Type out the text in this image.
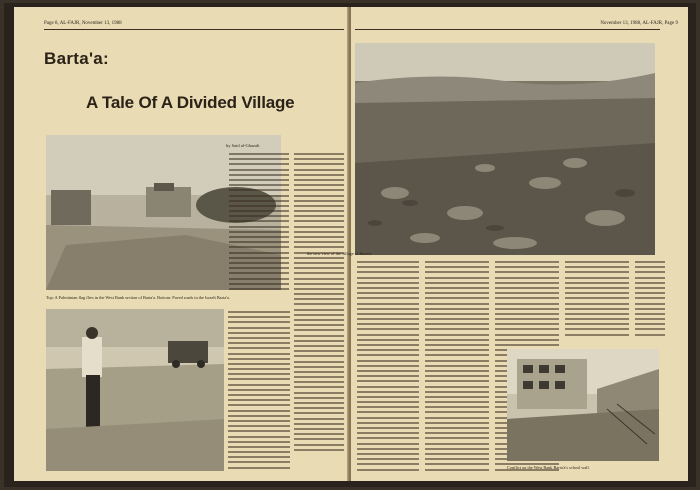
Page 8, AL-FAJR, November 13, 1988
Barta'a:
A Tale Of A Divided Village
by Said al-Ghazali
Top: A Palestinian flag flies in the West Bank section of Barta'a. Bottom: Paved roads in the Israeli Barta'a.
November 13, 1988, AL-FAJR, Page 9
the new view of the village of Barta'a.
Conflict on the West Bank Barta'a's school wall.
